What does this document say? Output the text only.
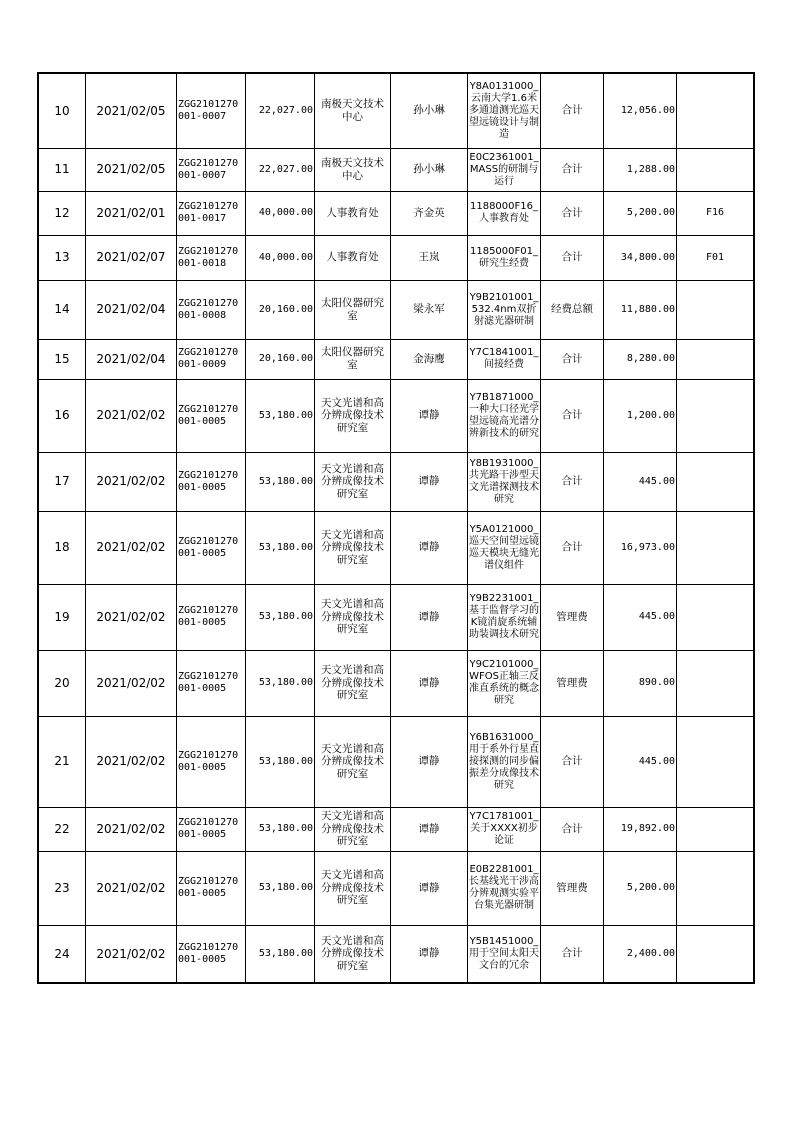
10	2021/02/05	ZGG2101270001-0007	22,027.00	南极天文技术中心	孙小琳	Y8A0131000_云南大学1.6米多通道测光巡天望远镜设计与制造	合计	12,056.00	
11	2021/02/05	ZGG2101270001-0007	22,027.00	南极天文技术中心	孙小琳	E0C2361001_MASS的研制与运行	合计	1,288.00	
12	2021/02/01	ZGG2101270001-0017	40,000.00	人事教育处	齐金英	1188000F16_人事教育处	合计	5,200.00	F16
13	2021/02/07	ZGG2101270001-0018	40,000.00	人事教育处	王岚	1185000F01_研究生经费	合计	34,800.00	F01
14	2021/02/04	ZGG2101270001-0008	20,160.00	太阳仪器研究室	梁永军	Y9B2101001_532.4nm双折射滤光器研制	经费总额	11,880.00	
15	2021/02/04	ZGG2101270001-0009	20,160.00	太阳仪器研究室	金海鹰	Y7C1841001_间接经费	合计	8,280.00	
16	2021/02/02	ZGG2101270001-0005	53,180.00	天文光谱和高分辨成像技术研究室	谭静	Y7B1871000_一种大口径光学望远镜高光谱分辨新技术的研究	合计	1,200.00	
17	2021/02/02	ZGG2101270001-0005	53,180.00	天文光谱和高分辨成像技术研究室	谭静	Y8B1931000_共光路干涉型天文光谱探测技术研究	合计	445.00	
18	2021/02/02	ZGG2101270001-0005	53,180.00	天文光谱和高分辨成像技术研究室	谭静	Y5A0121000_巡天空间望远镜巡天模块无缝光谱仪组件	合计	16,973.00	
19	2021/02/02	ZGG2101270001-0005	53,180.00	天文光谱和高分辨成像技术研究室	谭静	Y9B2231001_基于监督学习的K镜消旋系统辅助装调技术研究	管理费	445.00	
20	2021/02/02	ZGG2101270001-0005	53,180.00	天文光谱和高分辨成像技术研究室	谭静	Y9C2101000_WFOS正轴三反准直系统的概念研究	管理费	890.00	
21	2021/02/02	ZGG2101270001-0005	53,180.00	天文光谱和高分辨成像技术研究室	谭静	Y6B1631000_用于系外行星直接探测的同步偏振差分成像技术研究	合计	445.00	
22	2021/02/02	ZGG2101270001-0005	53,180.00	天文光谱和高分辨成像技术研究室	谭静	Y7C1781001_关于XXXX初步论证	合计	19,892.00	
23	2021/02/02	ZGG2101270001-0005	53,180.00	天文光谱和高分辨成像技术研究室	谭静	E0B2281001_长基线光干涉高分辨观测实验平台集光器研制	管理费	5,200.00	
24	2021/02/02	ZGG2101270001-0005	53,180.00	天文光谱和高分辨成像技术研究室	谭静	Y5B1451000_用于空间太阳天文台的冗余	合计	2,400.00	
